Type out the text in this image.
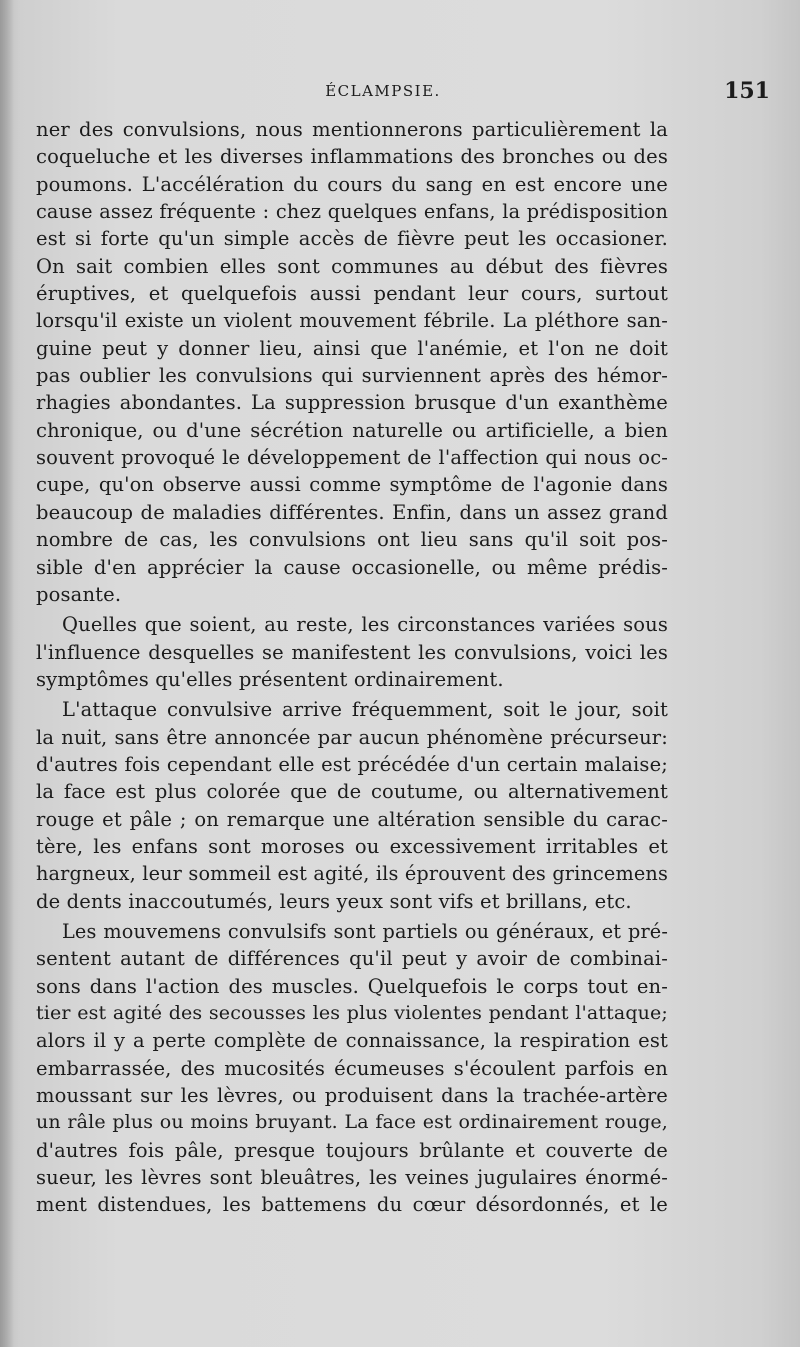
ÉCLAMPSIE.	151
ner des convulsions, nous mentionnerons particulièrement la
coqueluche et les diverses inflammations des bronches ou des
poumons. L'accélération du cours du sang en est encore une
cause assez fréquente : chez quelques enfans, la prédisposition
est si forte qu'un simple accès de fièvre peut les occasioner.
On sait combien elles sont communes au début des fièvres
éruptives, et quelquefois aussi pendant leur cours, surtout
lorsqu'il existe un violent mouvement fébrile. La pléthore san-
guine peut y donner lieu, ainsi que l'anémie, et l'on ne doit
pas oublier les convulsions qui surviennent après des hémor-
rhagies abondantes. La suppression brusque d'un exanthème
chronique, ou d'une sécrétion naturelle ou artificielle, a bien
souvent provoqué le développement de l'affection qui nous oc-
cupe, qu'on observe aussi comme symptôme de l'agonie dans
beaucoup de maladies différentes. Enfin, dans un assez grand
nombre de cas, les convulsions ont lieu sans qu'il soit pos-
sible d'en apprécier la cause occasionelle, ou même prédis-
posante.
Quelles que soient, au reste, les circonstances variées sous
l'influence desquelles se manifestent les convulsions, voici les
symptômes qu'elles présentent ordinairement.
L'attaque convulsive arrive fréquemment, soit le jour, soit
la nuit, sans être annoncée par aucun phénomène précurseur:
d'autres fois cependant elle est précédée d'un certain malaise;
la face est plus colorée que de coutume, ou alternativement
rouge et pâle ; on remarque une altération sensible du carac-
tère, les enfans sont moroses ou excessivement irritables et
hargneux, leur sommeil est agité, ils éprouvent des grincemens
de dents inaccoutumés, leurs yeux sont vifs et brillans, etc.
Les mouvemens convulsifs sont partiels ou généraux, et pré-
sentent autant de différences qu'il peut y avoir de combinai-
sons dans l'action des muscles. Quelquefois le corps tout en-
tier est agité des secousses les plus violentes pendant l'attaque;
alors il y a perte complète de connaissance, la respiration est
embarrassée, des mucosités écumeuses s'écoulent parfois en
moussant sur les lèvres, ou produisent dans la trachée-artère
un râle plus ou moins bruyant. La face est ordinairement rouge,
d'autres fois pâle, presque toujours brûlante et couverte de
sueur, les lèvres sont bleuâtres, les veines jugulaires énormé-
ment distendues, les battemens du cœur désordonnés, et le
